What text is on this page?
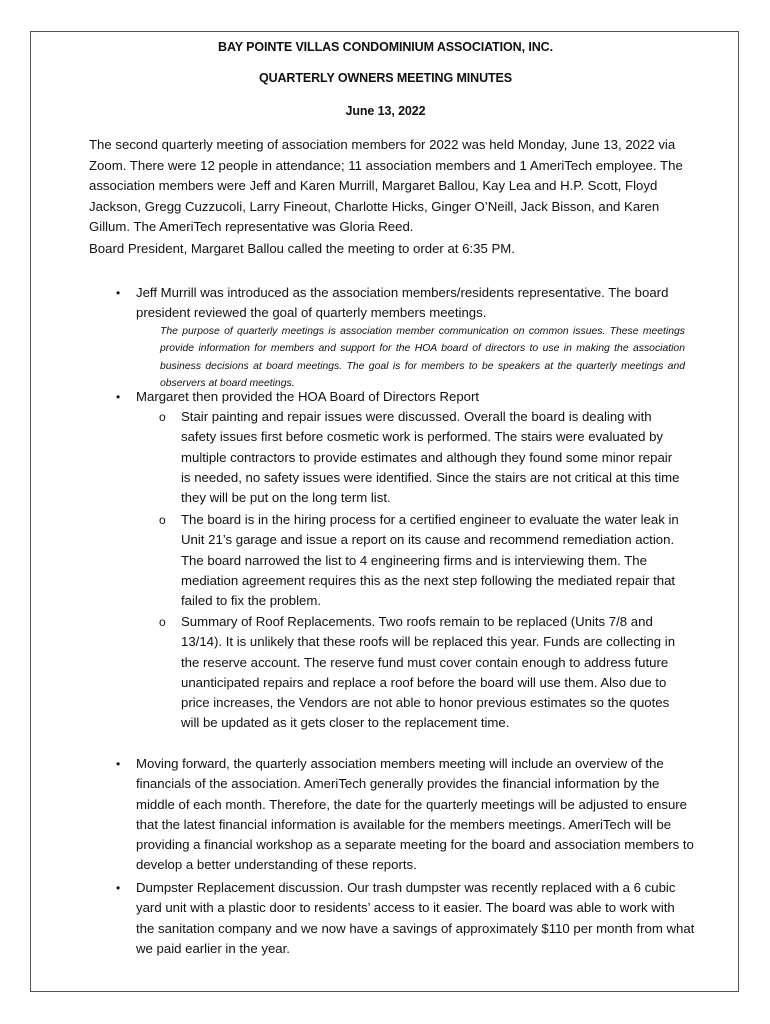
BAY POINTE VILLAS CONDOMINIUM ASSOCIATION, INC.
QUARTERLY OWNERS MEETING MINUTES
June 13, 2022
The second quarterly meeting of association members for 2022 was held Monday, June 13, 2022 via Zoom. There were 12 people in attendance; 11 association members and 1 AmeriTech employee. The association members were Jeff and Karen Murrill, Margaret Ballou, Kay Lea and H.P. Scott, Floyd Jackson, Gregg Cuzzucoli, Larry Fineout, Charlotte Hicks, Ginger O’Neill, Jack Bisson, and Karen Gillum. The AmeriTech representative was Gloria Reed.
Board President, Margaret Ballou called the meeting to order at 6:35 PM.
• Jeff Murrill was introduced as the association members/residents representative. The board president reviewed the goal of quarterly members meetings.
The purpose of quarterly meetings is association member communication on common issues. These meetings provide information for members and support for the HOA board of directors to use in making the association business decisions at board meetings. The goal is for members to be speakers at the quarterly meetings and observers at board meetings.
• Margaret then provided the HOA Board of Directors Report
o Stair painting and repair issues were discussed. Overall the board is dealing with safety issues first before cosmetic work is performed. The stairs were evaluated by multiple contractors to provide estimates and although they found some minor repair is needed, no safety issues were identified. Since the stairs are not critical at this time they will be put on the long term list.
o The board is in the hiring process for a certified engineer to evaluate the water leak in Unit 21’s garage and issue a report on its cause and recommend remediation action. The board narrowed the list to 4 engineering firms and is interviewing them. The mediation agreement requires this as the next step following the mediated repair that failed to fix the problem.
o Summary of Roof Replacements. Two roofs remain to be replaced (Units 7/8 and 13/14). It is unlikely that these roofs will be replaced this year. Funds are collecting in the reserve account. The reserve fund must cover contain enough to address future unanticipated repairs and replace a roof before the board will use them. Also due to price increases, the Vendors are not able to honor previous estimates so the quotes will be updated as it gets closer to the replacement time.
• Moving forward, the quarterly association members meeting will include an overview of the financials of the association. AmeriTech generally provides the financial information by the middle of each month. Therefore, the date for the quarterly meetings will be adjusted to ensure that the latest financial information is available for the members meetings. AmeriTech will be providing a financial workshop as a separate meeting for the board and association members to develop a better understanding of these reports.
• Dumpster Replacement discussion. Our trash dumpster was recently replaced with a 6 cubic yard unit with a plastic door to residents’ access to it easier. The board was able to work with the sanitation company and we now have a savings of approximately $110 per month from what we paid earlier in the year.
